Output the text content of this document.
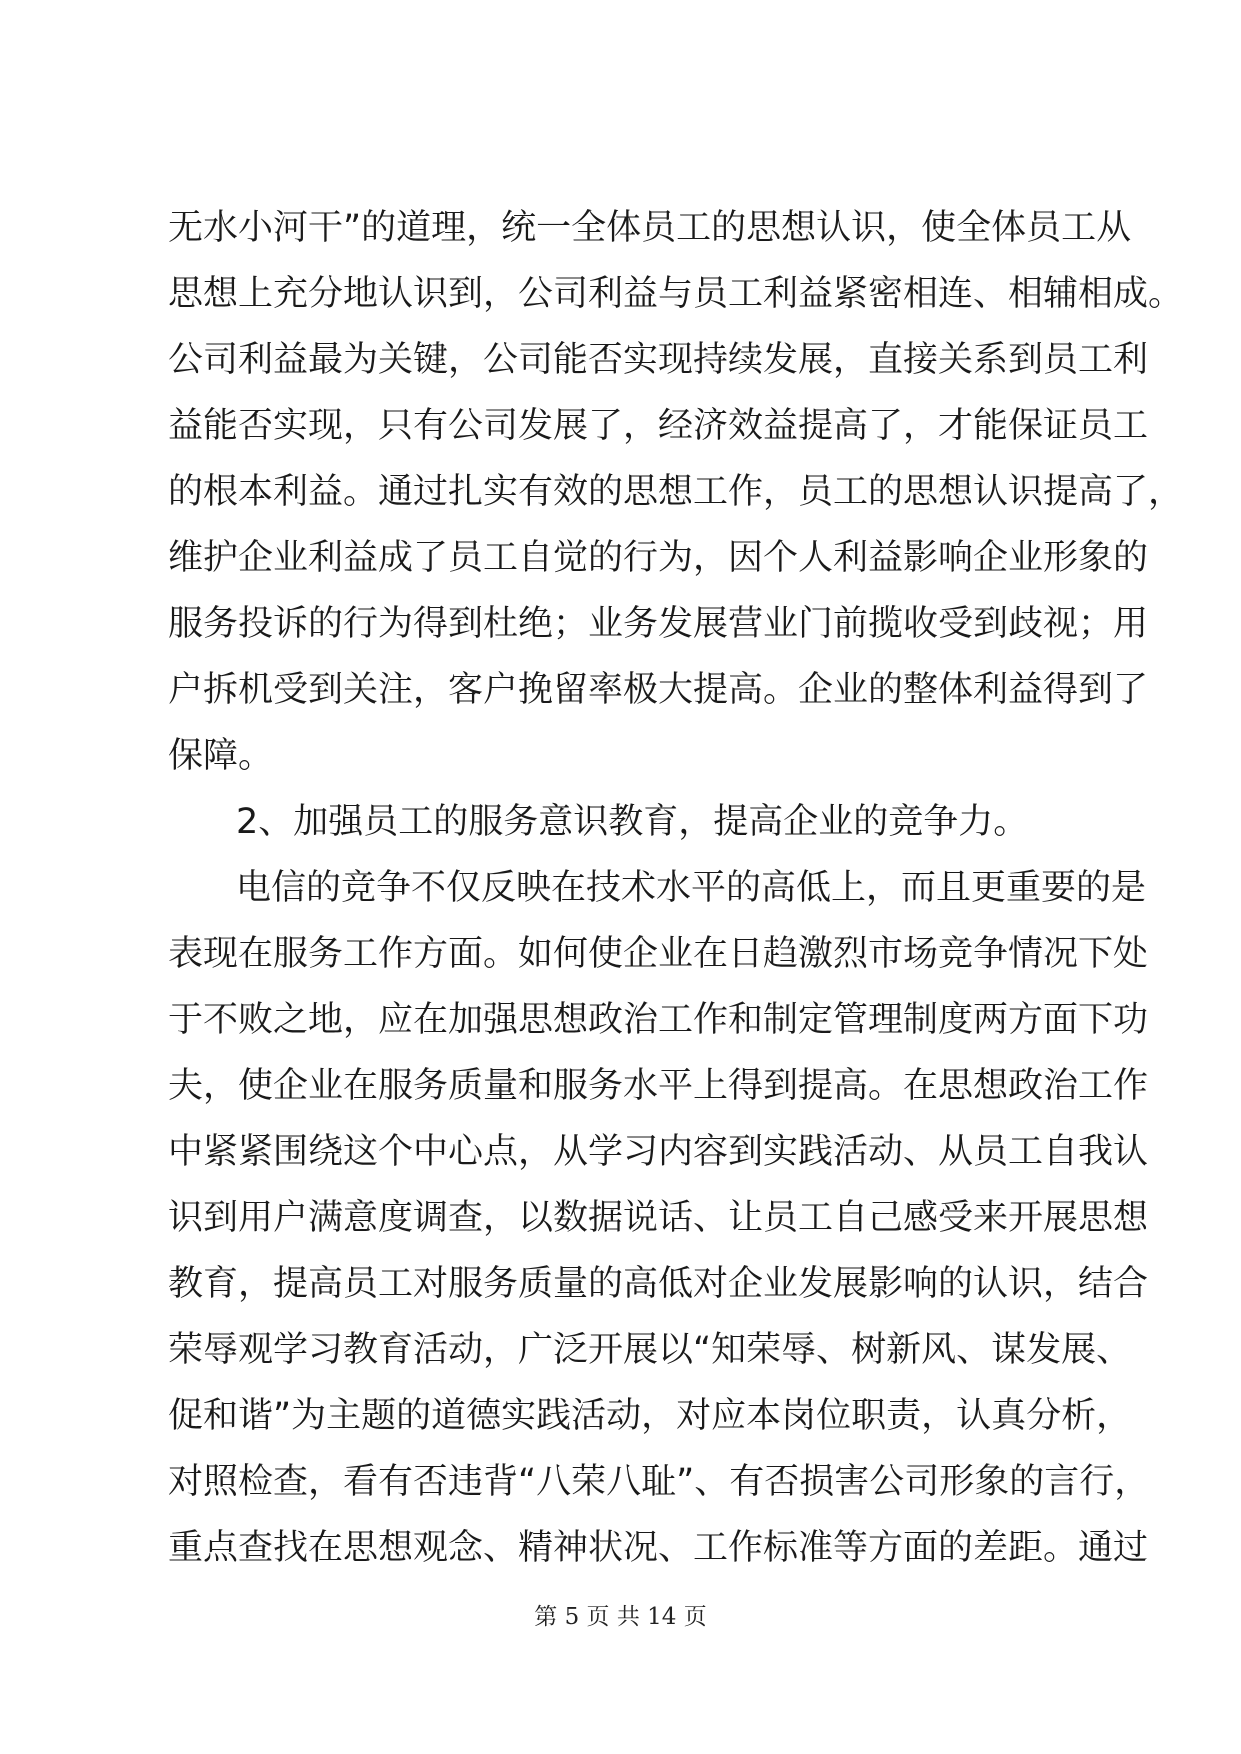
无水小河干”的道理，统一全体员工的思想认识，使全体员工从
思想上充分地认识到，公司利益与员工利益紧密相连、相辅相成。
公司利益最为关键，公司能否实现持续发展，直接关系到员工利
益能否实现，只有公司发展了，经济效益提高了，才能保证员工
的根本利益。通过扎实有效的思想工作，员工的思想认识提高了，
维护企业利益成了员工自觉的行为，因个人利益影响企业形象的
服务投诉的行为得到杜绝；业务发展营业门前揽收受到歧视；用
户拆机受到关注，客户挽留率极大提高。企业的整体利益得到了
保障。
2、加强员工的服务意识教育，提高企业的竞争力。
电信的竞争不仅反映在技术水平的高低上，而且更重要的是
表现在服务工作方面。如何使企业在日趋激烈市场竞争情况下处
于不败之地，应在加强思想政治工作和制定管理制度两方面下功
夫，使企业在服务质量和服务水平上得到提高。在思想政治工作
中紧紧围绕这个中心点，从学习内容到实践活动、从员工自我认
识到用户满意度调查，以数据说话、让员工自己感受来开展思想
教育，提高员工对服务质量的高低对企业发展影响的认识，结合
荣辱观学习教育活动，广泛开展以“知荣辱、树新风、谋发展、
促和谐”为主题的道德实践活动，对应本岗位职责，认真分析，
对照检查，看有否违背“八荣八耻”、有否损害公司形象的言行，
重点查找在思想观念、精神状况、工作标准等方面的差距。通过
第 5 页 共 14 页
